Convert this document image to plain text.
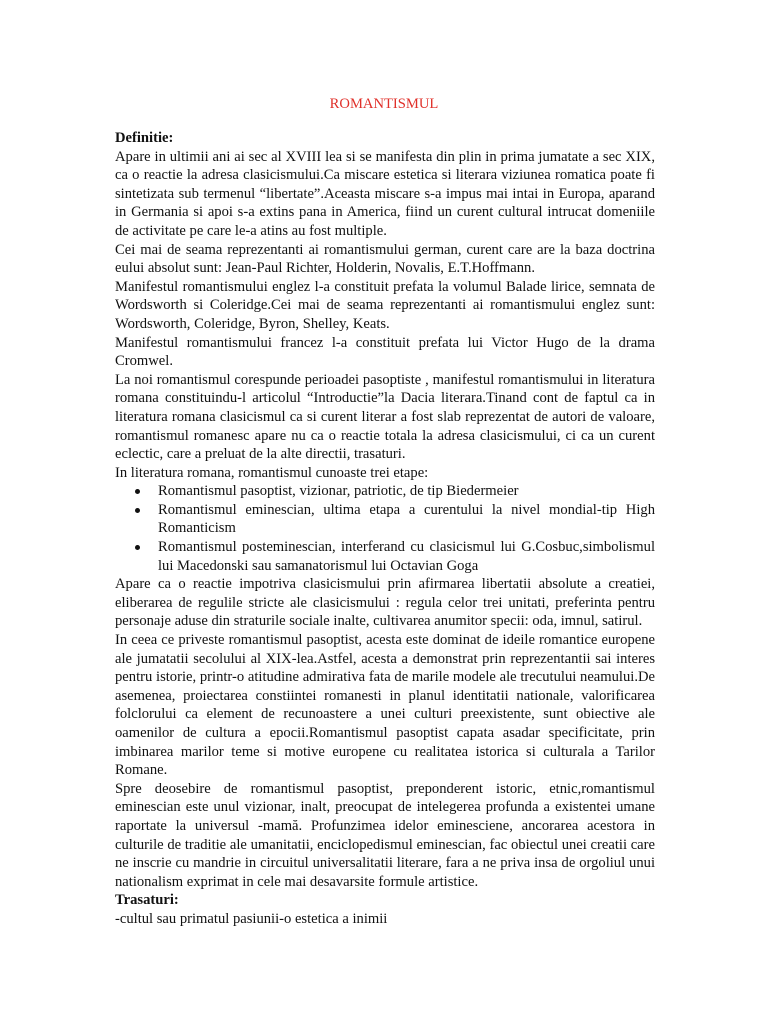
ROMANTISMUL

Definitie:

Apare in ultimii ani ai sec al XVIII lea si se manifesta din plin in prima jumatate a sec XIX, ca o reactie la adresa clasicismului.Ca miscare estetica si literara viziunea romatica poate fi sintetizata sub termenul “libertate”.Aceasta miscare s-a impus mai intai in Europa, aparand in Germania si apoi s-a extins pana in America, fiind un curent cultural intrucat domeniile de activitate pe care le-a atins au fost multiple.

Cei mai de seama reprezentanti ai romantismului german, curent care are la baza doctrina eului absolut sunt: Jean-Paul Richter, Holderin, Novalis, E.T.Hoffmann.

Manifestul romantismului englez l-a constituit prefata la volumul Balade lirice, semnata de Wordsworth si Coleridge.Cei mai de seama reprezentanti ai romantismului englez sunt: Wordsworth, Coleridge, Byron, Shelley, Keats.

Manifestul romantismului francez l-a constituit prefata lui Victor Hugo de la drama Cromwel.

La noi romantismul corespunde perioadei pasoptiste , manifestul romantismului in literatura romana constituindu-l articolul “Introductie”la Dacia literara.Tinand cont de faptul ca in literatura romana clasicismul ca si curent literar a fost slab reprezentat de autori de valoare, romantismul romanesc apare nu ca o reactie totala la adresa clasicismului, ci ca un curent eclectic, care a preluat de la alte directii, trasaturi.

In literatura romana, romantismul cunoaste trei etape:

Romantismul pasoptist, vizionar, patriotic, de tip Biedermeier
Romantismul eminescian, ultima etapa a curentului la nivel mondial-tip High Romanticism
Romantismul posteminescian, interferand cu clasicismul lui G.Cosbuc,simbolismul lui Macedonski sau samanatorismul lui Octavian Goga

Apare ca o reactie impotriva clasicismului prin afirmarea libertatii absolute a creatiei, eliberarea de regulile stricte ale clasicismului : regula celor trei unitati, preferinta pentru personaje aduse din straturile sociale inalte, cultivarea anumitor specii: oda, imnul, satirul.

In ceea ce priveste romantismul pasoptist, acesta este dominat de ideile romantice europene ale jumatatii secolului al XIX-lea.Astfel, acesta a demonstrat prin reprezentantii sai interes pentru istorie, printr-o atitudine admirativa fata de marile modele ale trecutului neamului.De asemenea, proiectarea constiintei romanesti in planul identitatii nationale, valorificarea folclorului ca element de recunoastere a unei culturi preexistente, sunt obiective ale oamenilor de cultura a epocii.Romantismul pasoptist capata asadar specificitate, prin imbinarea marilor teme si motive europene cu realitatea istorica si culturala a Tarilor Romane.

Spre deosebire de romantismul pasoptist, preponderent istoric, etnic,romantismul eminescian este unul vizionar, inalt, preocupat de intelegerea profunda a existentei umane raportate la universul -mamă. Profunzimea idelor eminesciene, ancorarea acestora in culturile de traditie ale umanitatii, enciclopedismul eminescian, fac obiectul unei creatii care ne inscrie cu mandrie in circuitul universalitatii literare, fara a ne priva insa de orgoliul unui nationalism exprimat in cele mai desavarsite formule artistice.

Trasaturi:

-cultul sau primatul pasiunii-o estetica a inimii
